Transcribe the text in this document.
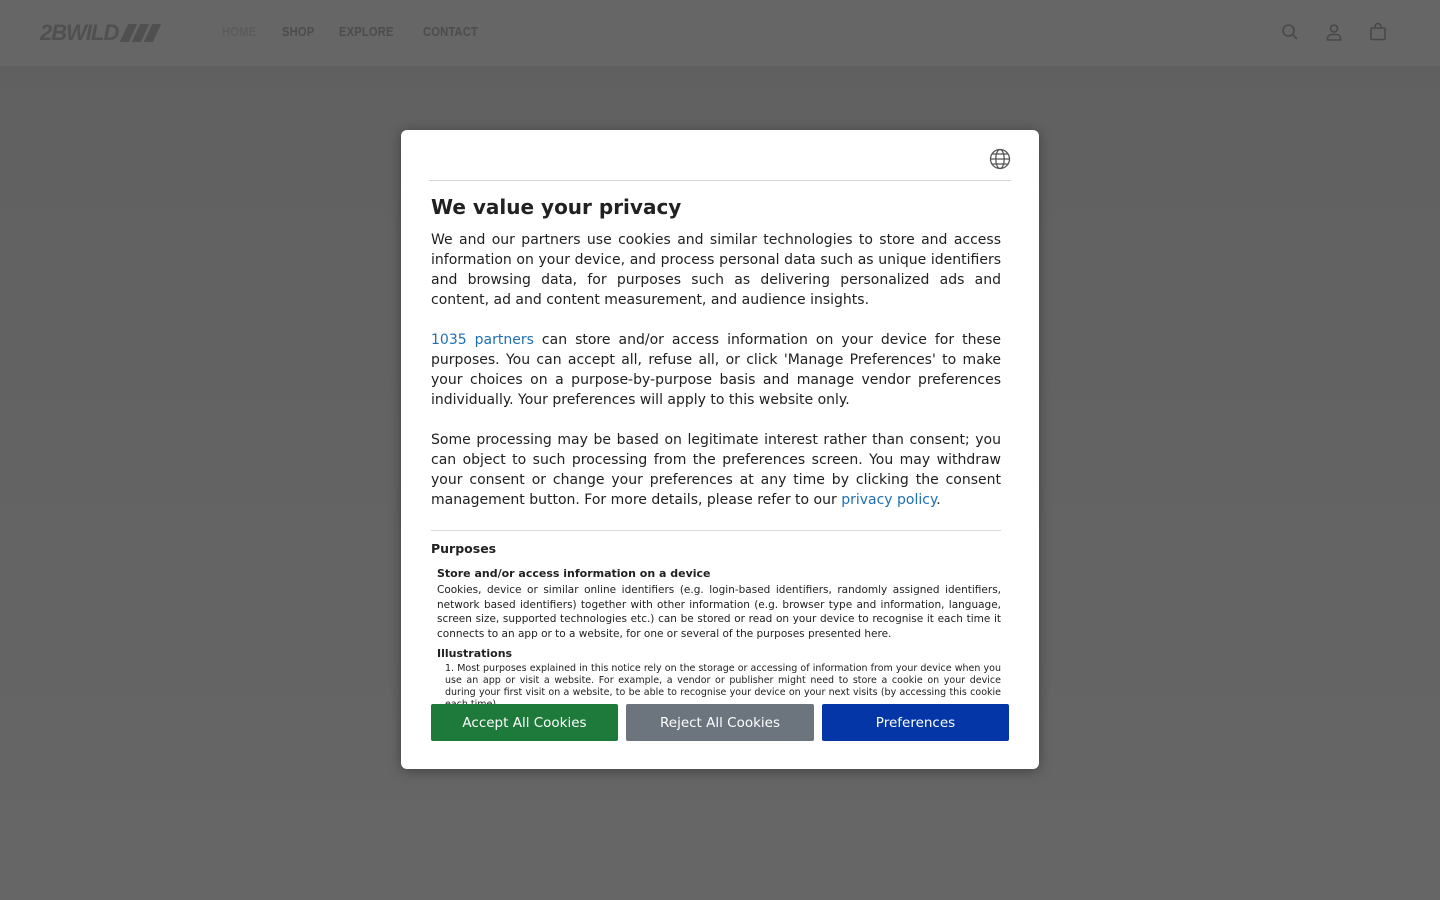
We value your privacy

We and our partners use cookies and similar technologies to store and access information on your device, and process personal data such as unique identifiers and browsing data, for purposes such as delivering personalized ads and content, ad and content measurement, and audience insights.

1035 partners can store and/or access information on your device for these purposes. You can accept all, refuse all, or click 'Manage Preferences' to make your choices on a purpose-by-purpose basis and manage vendor preferences individually. Your preferences will apply to this website only.

Some processing may be based on legitimate interest rather than consent; you can object to such processing from the preferences screen. You may withdraw your consent or change your preferences at any time by clicking the consent management button. For more details, please refer to our privacy policy.

Purposes
Store and/or access information on a device
Cookies, device or similar online identifiers (e.g. login-based identifiers, randomly assigned identifiers, network based identifiers) together with other information (e.g. browser type and information, language, screen size, supported technologies etc.) can be stored or read on your device to recognise it each time it connects to an app or to a website, for one or several of the purposes presented here.
Illustrations
1. Most purposes explained in this notice rely on the storage or accessing of information from your device when you use an app or visit a website. For example, a vendor or publisher might need to store a cookie on your device during your first visit on a website, to be able to recognise your device on your next visits (by accessing this cookie
Accept All Cookies	Reject All Cookies	Preferences
